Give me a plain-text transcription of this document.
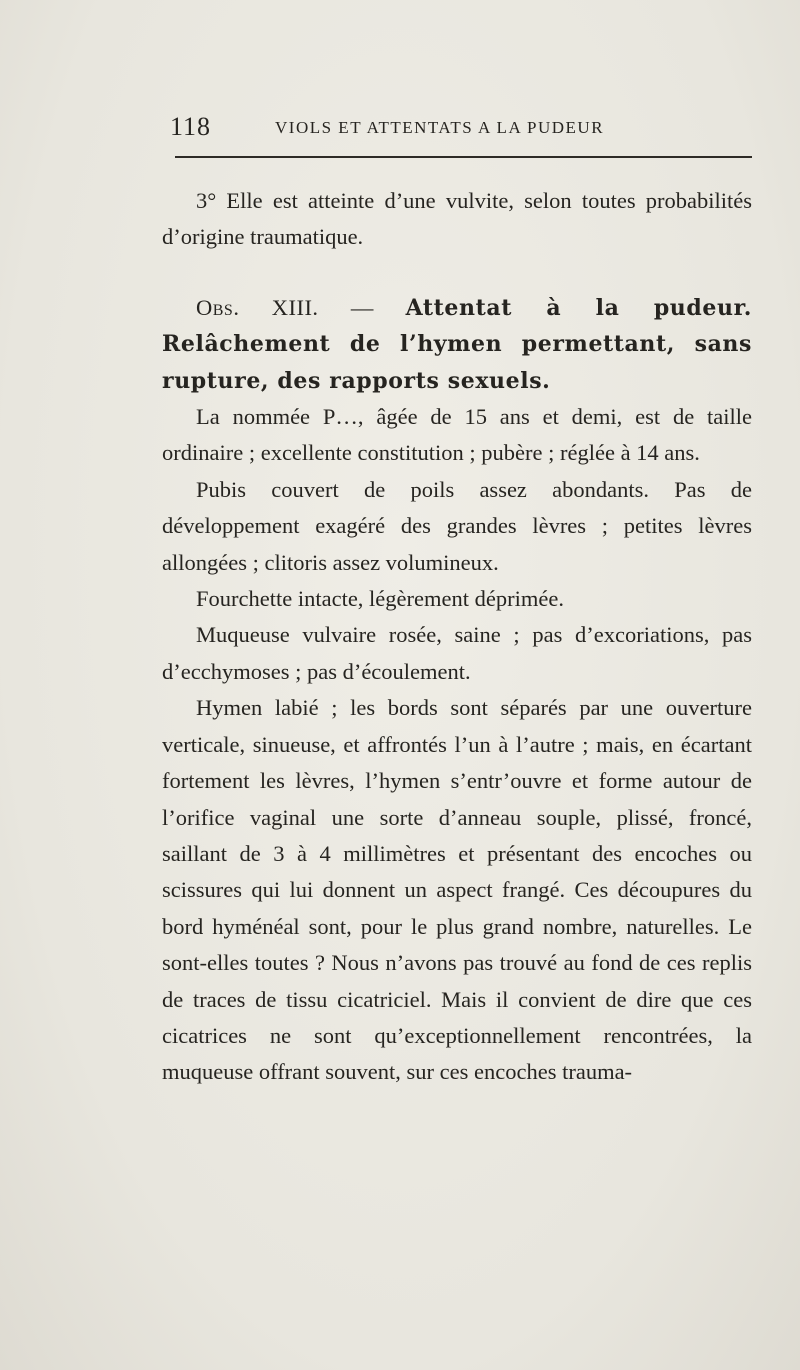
118	VIOLS ET ATTENTATS A LA PUDEUR

3° Elle est atteinte d’une vulvite, selon toutes probabilités d’origine traumatique.

Obs. XIII. — Attentat à la pudeur. Relâchement de l’hymen permettant, sans rupture, des rapports sexuels.

La nommée P…, âgée de 15 ans et demi, est de taille ordinaire ; excellente constitution ; pubère ; réglée à 14 ans.

Pubis couvert de poils assez abondants. Pas de développement exagéré des grandes lèvres ; petites lèvres allongées ; clitoris assez volumineux.

Fourchette intacte, légèrement déprimée.

Muqueuse vulvaire rosée, saine ; pas d’excoriations, pas d’ecchymoses ; pas d’écoulement.

Hymen labié ; les bords sont séparés par une ouverture verticale, sinueuse, et affrontés l’un à l’autre ; mais, en écartant fortement les lèvres, l’hymen s’entr’ouvre et forme autour de l’orifice vaginal une sorte d’anneau souple, plissé, froncé, saillant de 3 à 4 millimètres et présentant des encoches ou scissures qui lui donnent un aspect frangé. Ces découpures du bord hyménéal sont, pour le plus grand nombre, naturelles. Le sont-elles toutes ? Nous n’avons pas trouvé au fond de ces replis de traces de tissu cicatriciel. Mais il convient de dire que ces cicatrices ne sont qu’exceptionnellement rencontrées, la muqueuse offrant souvent, sur ces encoches trauma-
